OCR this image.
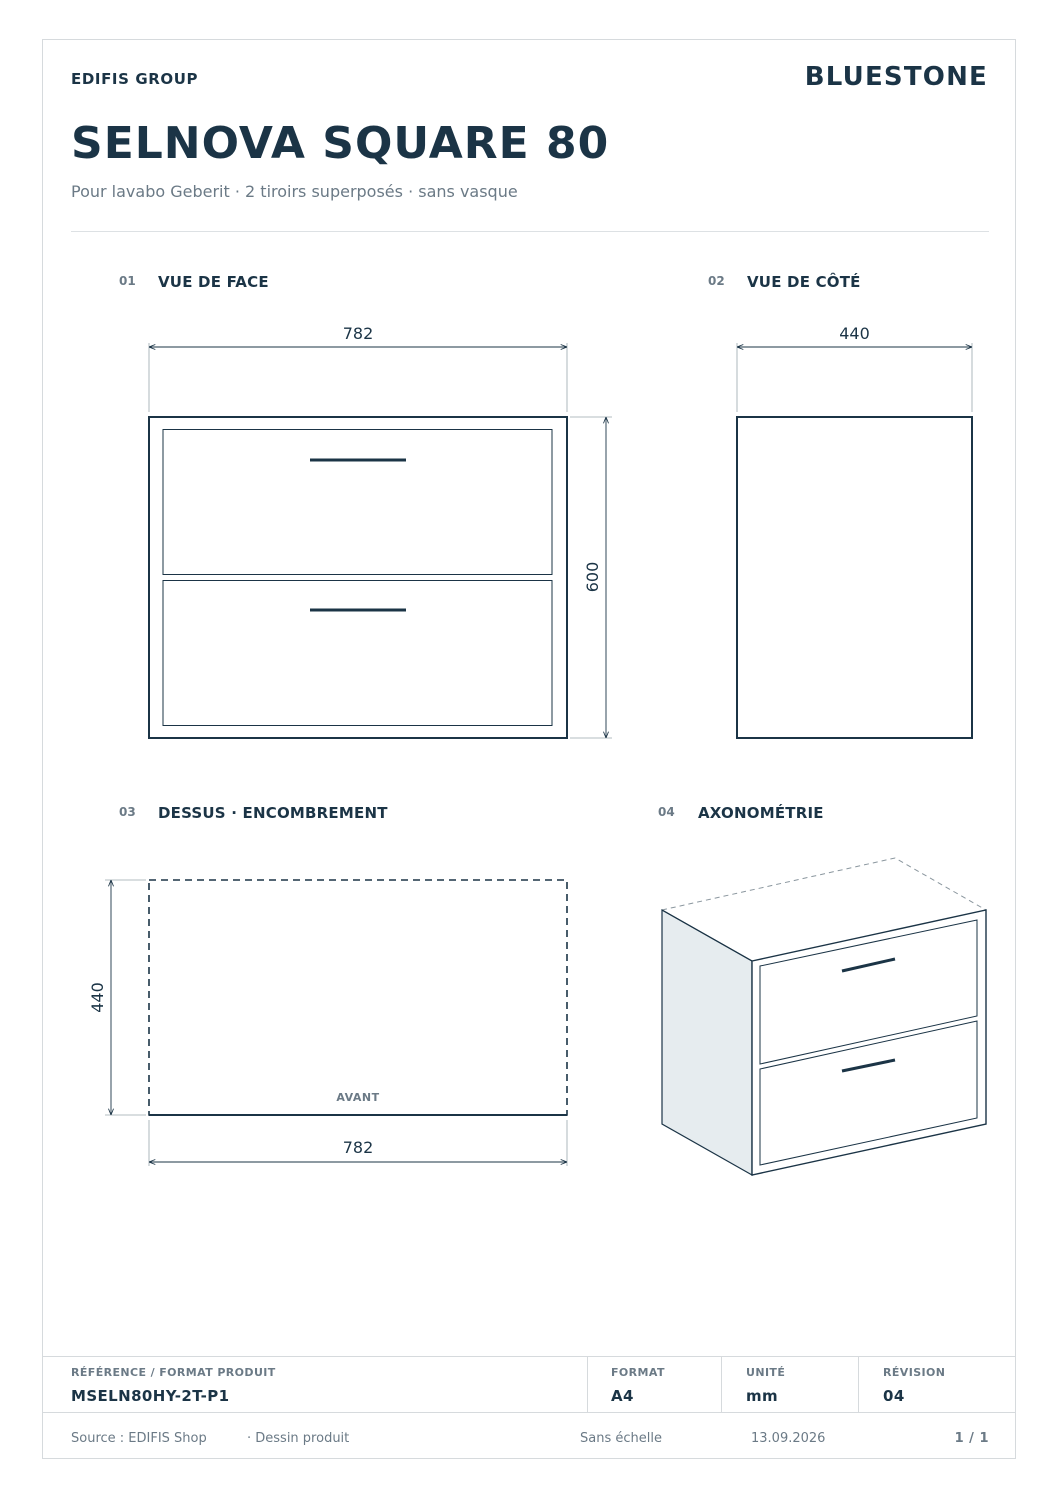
EDIFIS GROUP	BLUESTONE
SELNOVA SQUARE 80
Pour lavabo Geberit · 2 tiroirs superposés · sans vasque
01 VUE DE FACE	02 VUE DE CÔTÉ
03 DESSUS · ENCOMBREMENT	04 AXONOMÉTRIE
782
600
440
AVANT
440
782
RÉFÉRENCE / FORMAT PRODUIT
MSELN80HY-2T-P1
FORMAT
A4
UNITÉ
mm
RÉVISION
04
Source : EDIFIS Shop	· Dessin produit	Sans échelle	13.09.2026	1 / 1
